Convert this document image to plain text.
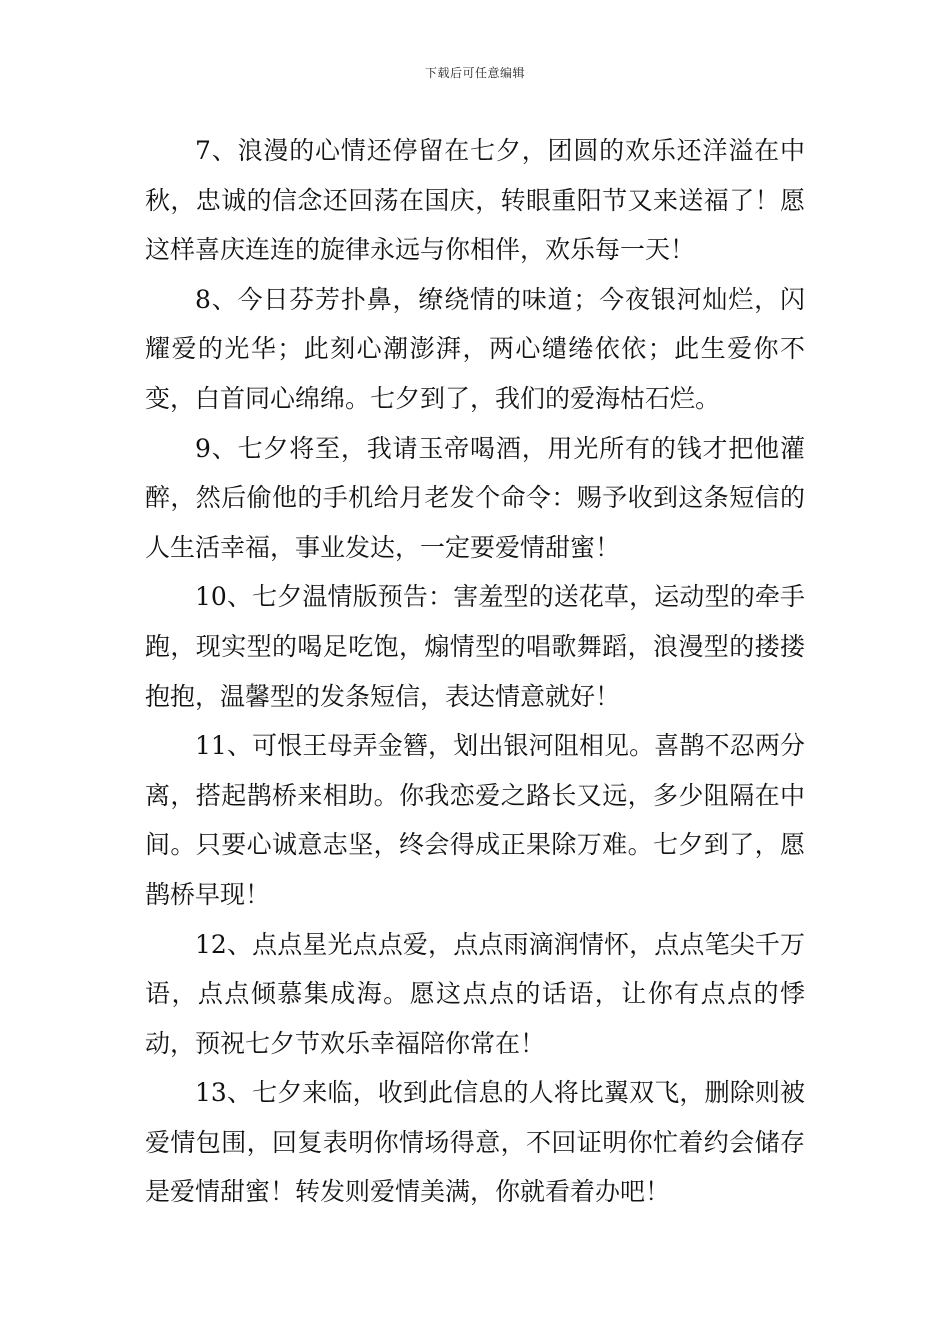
下载后可任意编辑

7、浪漫的心情还停留在七夕，团圆的欢乐还洋溢在中秋，忠诚的信念还回荡在国庆，转眼重阳节又来送福了！愿这样喜庆连连的旋律永远与你相伴，欢乐每一天！

8、今日芬芳扑鼻，缭绕情的味道；今夜银河灿烂，闪耀爱的光华；此刻心潮澎湃，两心缱绻依依；此生爱你不变，白首同心绵绵。七夕到了，我们的爱海枯石烂。

9、七夕将至，我请玉帝喝酒，用光所有的钱才把他灌醉，然后偷他的手机给月老发个命令：赐予收到这条短信的人生活幸福，事业发达，一定要爱情甜蜜！

10、七夕温情版预告：害羞型的送花草，运动型的牵手跑，现实型的喝足吃饱，煽情型的唱歌舞蹈，浪漫型的搂搂抱抱，温馨型的发条短信，表达情意就好！

11、可恨王母弄金簪，划出银河阻相见。喜鹊不忍两分离，搭起鹊桥来相助。你我恋爱之路长又远，多少阻隔在中间。只要心诚意志坚，终会得成正果除万难。七夕到了，愿鹊桥早现！

12、点点星光点点爱，点点雨滴润情怀，点点笔尖千万语，点点倾慕集成海。愿这点点的话语，让你有点点的悸动，预祝七夕节欢乐幸福陪你常在！

13、七夕来临，收到此信息的人将比翼双飞，删除则被爱情包围，回复表明你情场得意，不回证明你忙着约会储存是爱情甜蜜！转发则爱情美满，你就看着办吧！
